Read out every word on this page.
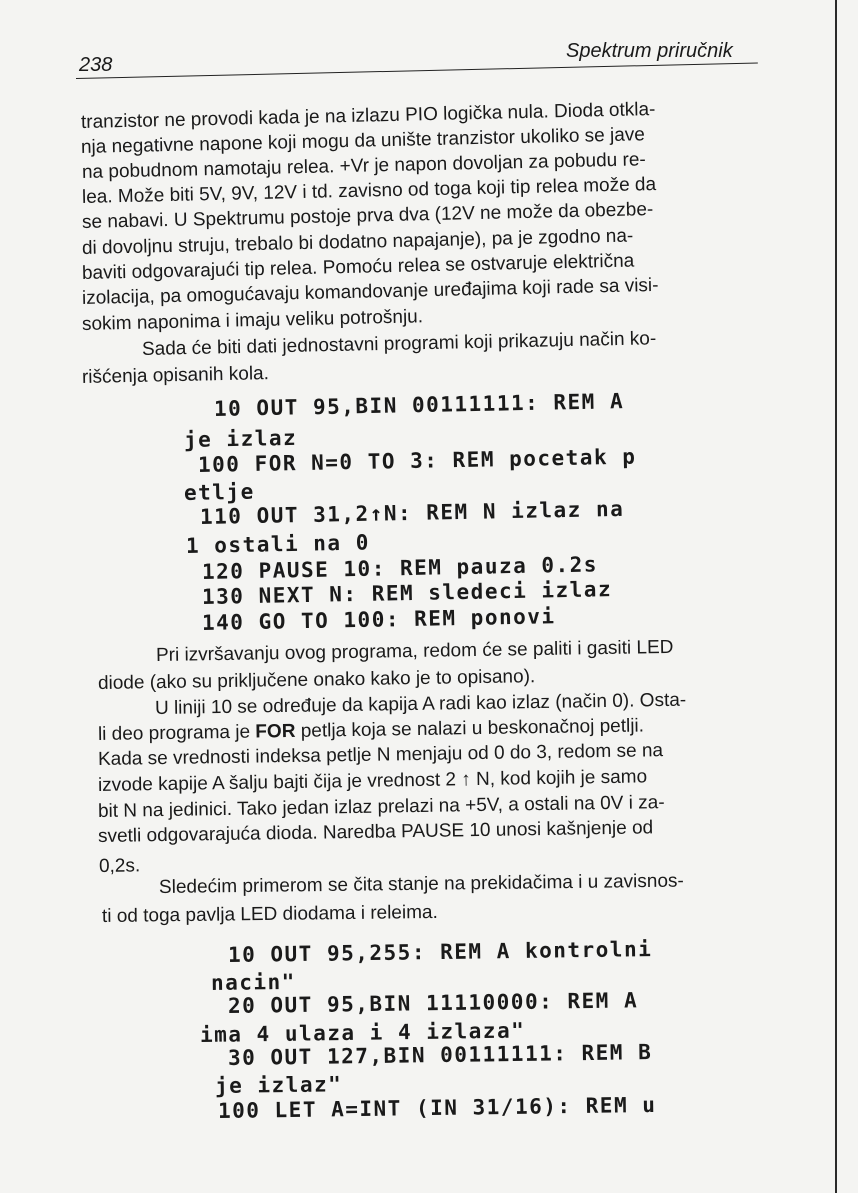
238
Spektrum priručnik
tranzistor ne provodi kada je na izlazu PIO logička nula. Dioda otkla-
nja negativne napone koji mogu da unište tranzistor ukoliko se jave
na pobudnom namotaju relea. +Vr je napon dovoljan za pobudu re-
lea. Može biti 5V, 9V, 12V i td. zavisno od toga koji tip relea može da
se nabavi. U Spektrumu postoje prva dva (12V ne može da obezbe-
di dovoljnu struju, trebalo bi dodatno napajanje), pa je zgodno na-
baviti odgovarajući tip relea. Pomoću relea se ostvaruje električna
izolacija, pa omogućavaju komandovanje uređajima koji rade sa visi-
sokim naponima i imaju veliku potrošnju.
Sada će biti dati jednostavni programi koji prikazuju način ko-
rišćenja opisanih kola.
10 OUT 95,BIN 00111111: REM A
je izlaz
100 FOR N=0 TO 3: REM pocetak p
etlje
110 OUT 31,2↑N: REM N izlaz na
1 ostali na 0
120 PAUSE 10: REM pauza 0.2s
130 NEXT N: REM sledeci izlaz
140 GO TO 100: REM ponovi
Pri izvršavanju ovog programa, redom će se paliti i gasiti LED
diode (ako su priključene onako kako je to opisano).
U liniji 10 se određuje da kapija A radi kao izlaz (način 0). Osta-
li deo programa je FOR petlja koja se nalazi u beskonačnoj petlji.
Kada se vrednosti indeksa petlje N menjaju od 0 do 3, redom se na
izvode kapije A šalju bajti čija je vrednost 2 ↑ N, kod kojih je samo
bit N na jedinici. Tako jedan izlaz prelazi na +5V, a ostali na 0V i za-
svetli odgovarajuća dioda. Naredba PAUSE 10 unosi kašnjenje od
0,2s.
Sledećim primerom se čita stanje na prekidačima i u zavisnos-
ti od toga pavlja LED diodama i releima.
10 OUT 95,255: REM A kontrolni
nacin"
20 OUT 95,BIN 11110000: REM A
ima 4 ulaza i 4 izlaza"
30 OUT 127,BIN 00111111: REM B
je izlaz"
100 LET A=INT (IN 31/16): REM u
